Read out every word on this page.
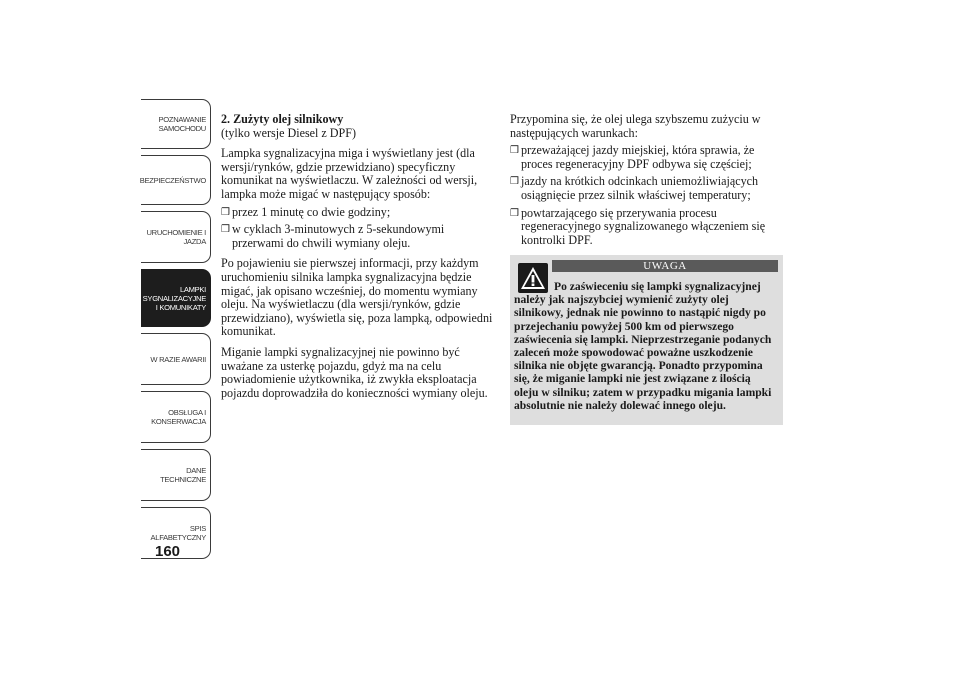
POZNAWANIE
SAMOCHODU
BEZPIECZEŃSTWO
URUCHOMIENIE I
JAZDA
LAMPKI
SYGNALIZACYJNE
I KOMUNIKATY
W RAZIE AWARII
OBSŁUGA I
KONSERWACJA
DANE
TECHNICZNE
SPIS
ALFABETYCZNY
160
2. Zużyty olej silnikowy
(tylko wersje Diesel z DPF)

Lampka sygnalizacyjna miga i wyświetlany jest (dla wersji/rynków, gdzie przewidziano) specyficzny komunikat na wyświetlaczu. W zależności od wersji, lampka może migać w następujący sposób:

❒ przez 1 minutę co dwie godziny;
❒ w cyklach 3-minutowych z 5-sekundowymi przerwami do chwili wymiany oleju.

Po pojawieniu sie pierwszej informacji, przy każdym uruchomieniu silnika lampka sygnalizacyjna będzie migać, jak opisano wcześniej, do momentu wymiany oleju. Na wyświetlaczu (dla wersji/rynków, gdzie przewidziano), wyświetla się, poza lampką, odpowiedni komunikat.

Miganie lampki sygnalizacyjnej nie powinno być uważane za usterkę pojazdu, gdyż ma na celu powiadomienie użytkownika, iż zwykła eksploatacja pojazdu doprowadziła do konieczności wymiany oleju.

Przypomina się, że olej ulega szybszemu zużyciu w następujących warunkach:

❒ przeważającej jazdy miejskiej, która sprawia, że proces regeneracyjny DPF odbywa się częściej;
❒ jazdy na krótkich odcinkach uniemożliwiających osiągnięcie przez silnik właściwej temperatury;
❒ powtarzającego się przerywania procesu regeneracyjnego sygnalizowanego włączeniem się kontrolki DPF.
UWAGA
Po zaświeceniu się lampki sygnalizacyjnej należy jak najszybciej wymienić zużyty olej silnikowy, jednak nie powinno to nastąpić nigdy po przejechaniu powyżej 500 km od pierwszego zaświecenia się lampki. Nieprzestrzeganie podanych zaleceń może spowodować poważne uszkodzenie silnika nie objęte gwarancją. Ponadto przypomina się, że miganie lampki nie jest związane z ilością oleju w silniku; zatem w przypadku migania lampki absolutnie nie należy dolewać innego oleju.
